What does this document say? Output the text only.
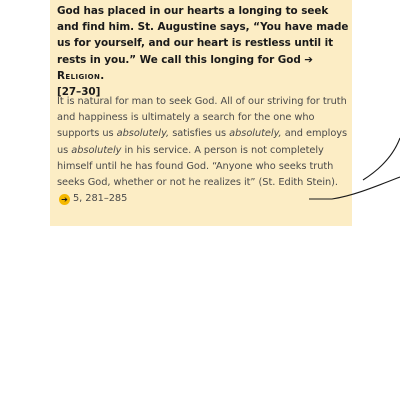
God has placed in our hearts a longing to seek and find him. St. Augustine says, “You have made us for yourself, and our heart is restless until it rests in you.” We call this longing for God ➔ Religion.
[27–30]

It is natural for man to seek God. All of our striving for truth and happiness is ultimately a search for the one who supports us absolutely, satisfies us absolutely, and employs us absolutely in his service. A person is not completely himself until he has found God. “Anyone who seeks truth seeks God, whether or not he realizes it” (St. Edith Stein). ➔ 5, 281–285
